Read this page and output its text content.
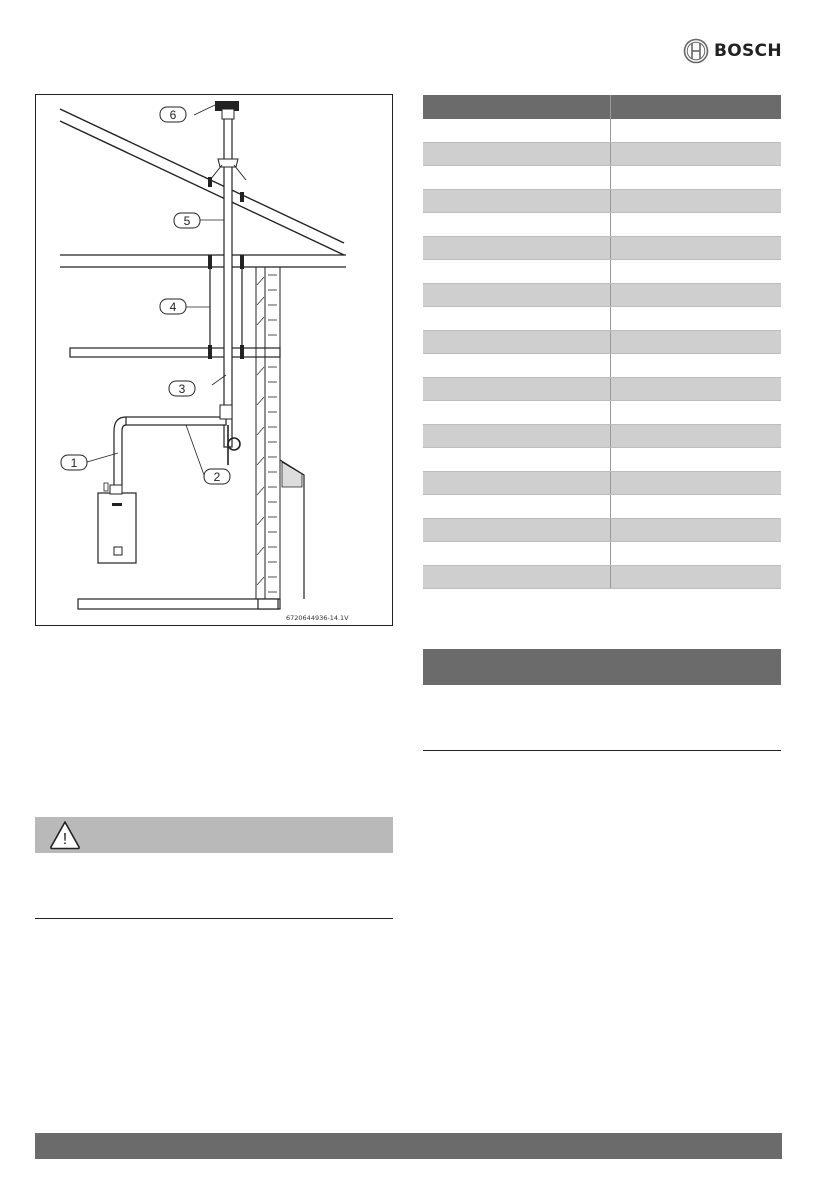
BOSCH
6
5
4
3
2
1
6720644936-14.1V
!
